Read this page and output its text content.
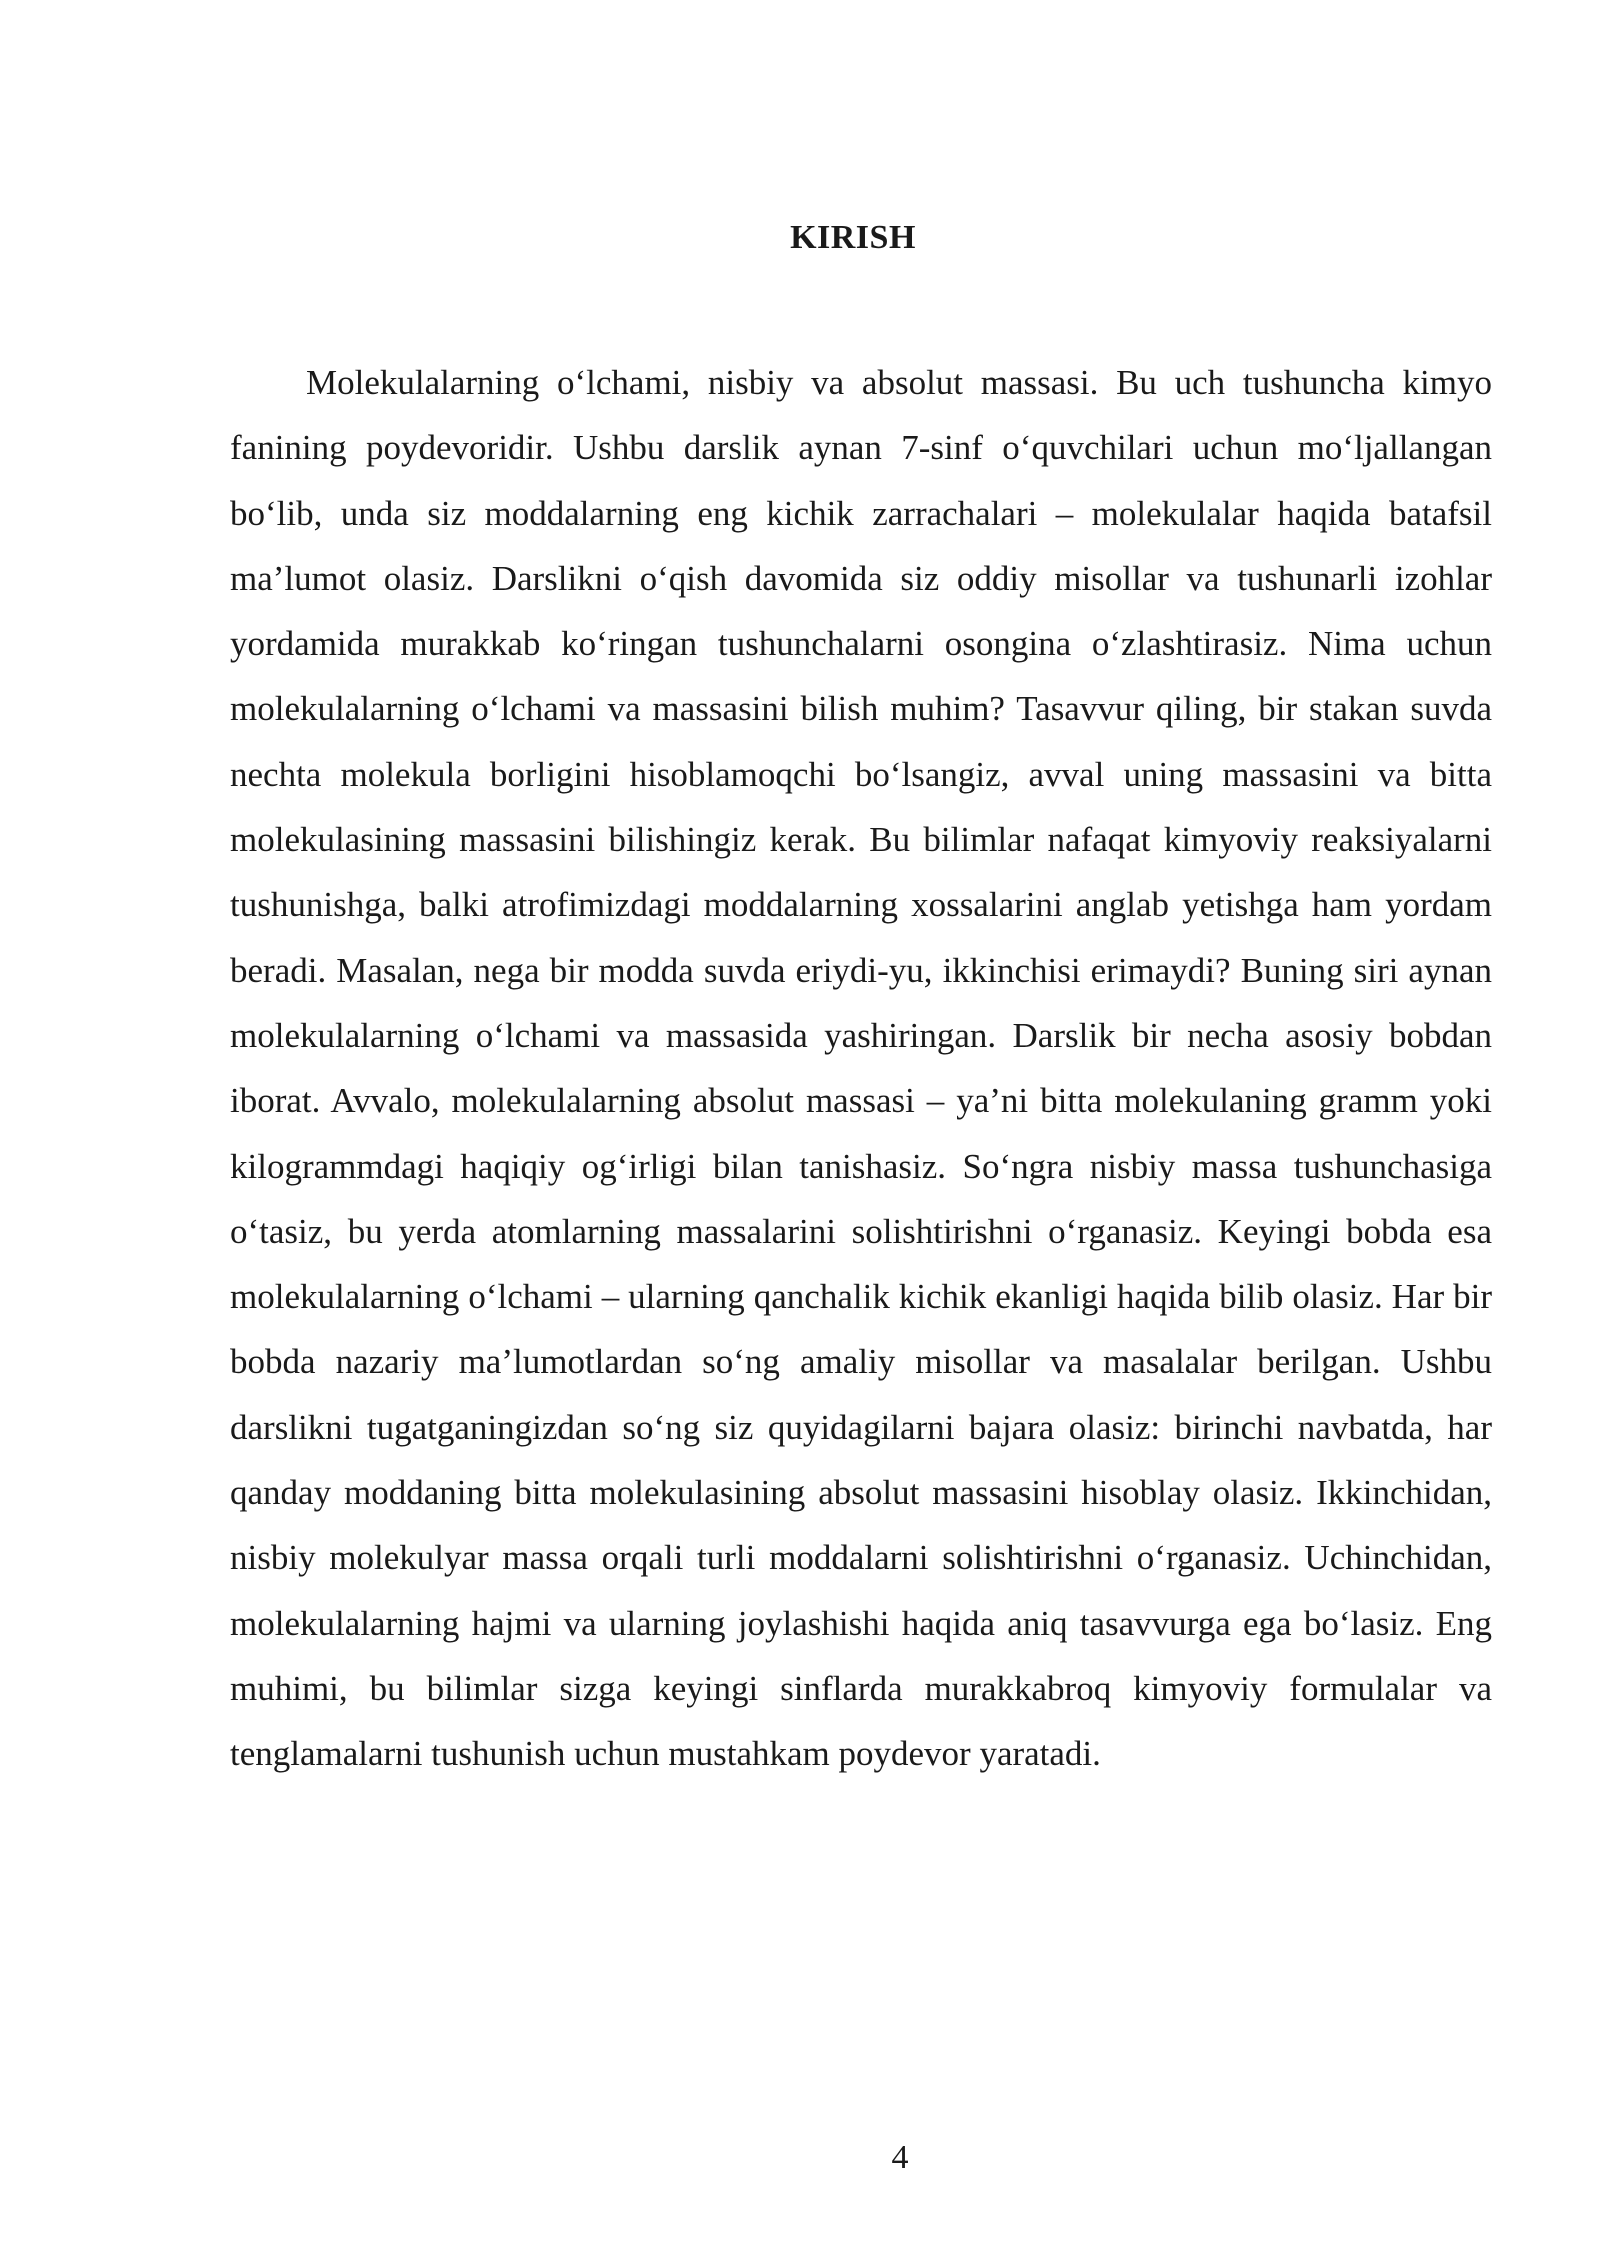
KIRISH

Molekulalarning o‘lchami, nisbiy va absolut massasi. Bu uch tushuncha kimyo fanining poydevoridir. Ushbu darslik aynan 7-sinf o‘quvchilari uchun mo‘ljallangan bo‘lib, unda siz moddalarning eng kichik zarrachalari – molekulalar haqida batafsil ma’lumot olasiz. Darslikni o‘qish davomida siz oddiy misollar va tushunarli izohlar yordamida murakkab ko‘ringan tushunchalarni osongina o‘zlashtirasiz. Nima uchun molekulalarning o‘lchami va massasini bilish muhim? Tasavvur qiling, bir stakan suvda nechta molekula borligini hisoblamoqchi bo‘lsangiz, avval uning massasini va bitta molekulasining massasini bilishingiz kerak. Bu bilimlar nafaqat kimyoviy reaksiyalarni tushunishga, balki atrofimizdagi moddalarning xossalarini anglab yetishga ham yordam beradi. Masalan, nega bir modda suvda eriydi-yu, ikkinchisi erimaydi? Buning siri aynan molekulalarning o‘lchami va massasida yashiringan. Darslik bir necha asosiy bobdan iborat. Avvalo, molekulalarning absolut massasi – ya’ni bitta molekulaning gramm yoki kilogrammdagi haqiqiy og‘irligi bilan tanishasiz. So‘ngra nisbiy massa tushunchasiga o‘tasiz, bu yerda atomlarning massalarini solishtirishni o‘rganasiz. Keyingi bobda esa molekulalarning o‘lchami – ularning qanchalik kichik ekanligi haqida bilib olasiz. Har bir bobda nazariy ma’lumotlardan so‘ng amaliy misollar va masalalar berilgan. Ushbu darslikni tugatganingizdan so‘ng siz quyidagilarni bajara olasiz: birinchi navbatda, har qanday moddaning bitta molekulasining absolut massasini hisoblay olasiz. Ikkinchidan, nisbiy molekulyar massa orqali turli moddalarni solishtirishni o‘rganasiz. Uchinchidan, molekulalarning hajmi va ularning joylashishi haqida aniq tasavvurga ega bo‘lasiz. Eng muhimi, bu bilimlar sizga keyingi sinflarda murakkabroq kimyoviy formulalar va tenglamalarni tushunish uchun mustahkam poydevor yaratadi.

4
